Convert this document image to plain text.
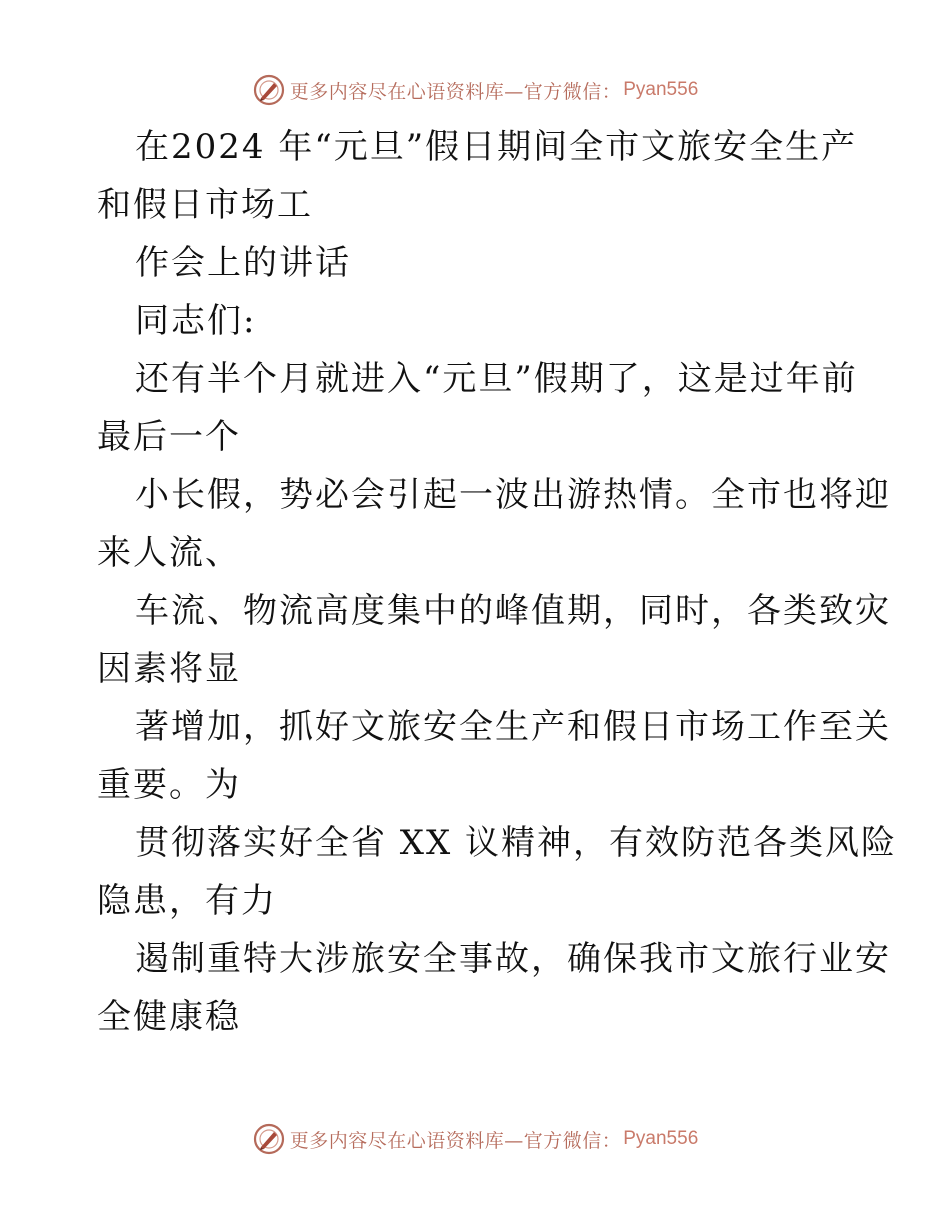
更多内容尽在心语资料库—官方微信： Pyan556
在2024 年“元旦”假日期间全市文旅安全生产
和假日市场工
作会上的讲话
同志们:
还有半个月就进入“元旦”假期了，这是过年前
最后一个
小长假，势必会引起一波出游热情。全市也将迎
来人流、
车流、物流高度集中的峰值期，同时，各类致灾
因素将显
著增加，抓好文旅安全生产和假日市场工作至关
重要。为
贯彻落实好全省 XX 议精神，有效防范各类风险
隐患，有力
遏制重特大涉旅安全事故，确保我市文旅行业安
全健康稳
更多内容尽在心语资料库—官方微信： Pyan556
